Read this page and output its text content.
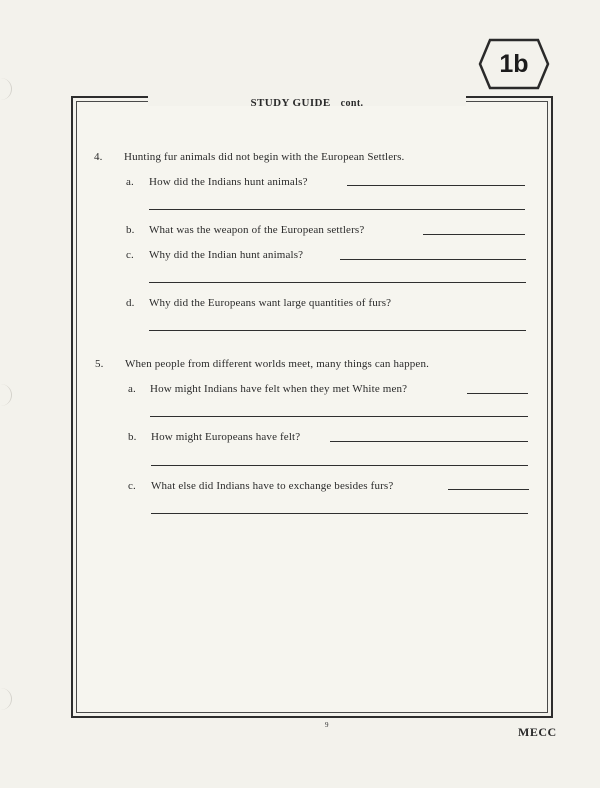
1b
STUDY GUIDE cont.
4. Hunting fur animals did not begin with the European Settlers.
a. How did the Indians hunt animals?
b. What was the weapon of the European settlers?
c. Why did the Indian hunt animals?
d. Why did the Europeans want large quantities of furs?
5. When people from different worlds meet, many things can happen.
a. How might Indians have felt when they met White men?
b. How might Europeans have felt?
c. What else did Indians have to exchange besides furs?
9	MECC
